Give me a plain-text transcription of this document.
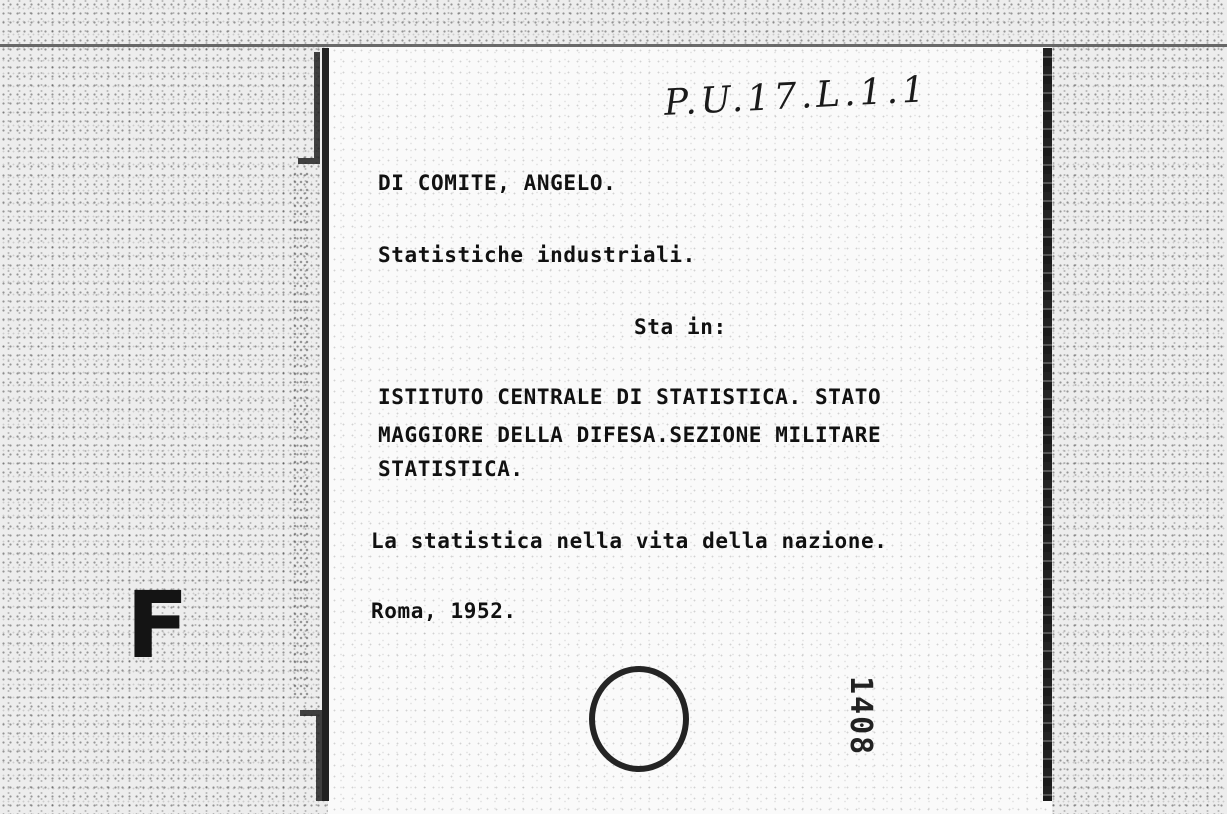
P.U.17.L.1.1
DI COMITE, ANGELO.
Statistiche industriali.
Sta in:
ISTITUTO CENTRALE DI STATISTICA. STATO
MAGGIORE DELLA DIFESA.SEZIONE MILITARE
STATISTICA.
La statistica nella vita della nazione.
Roma, 1952.
F
1408
